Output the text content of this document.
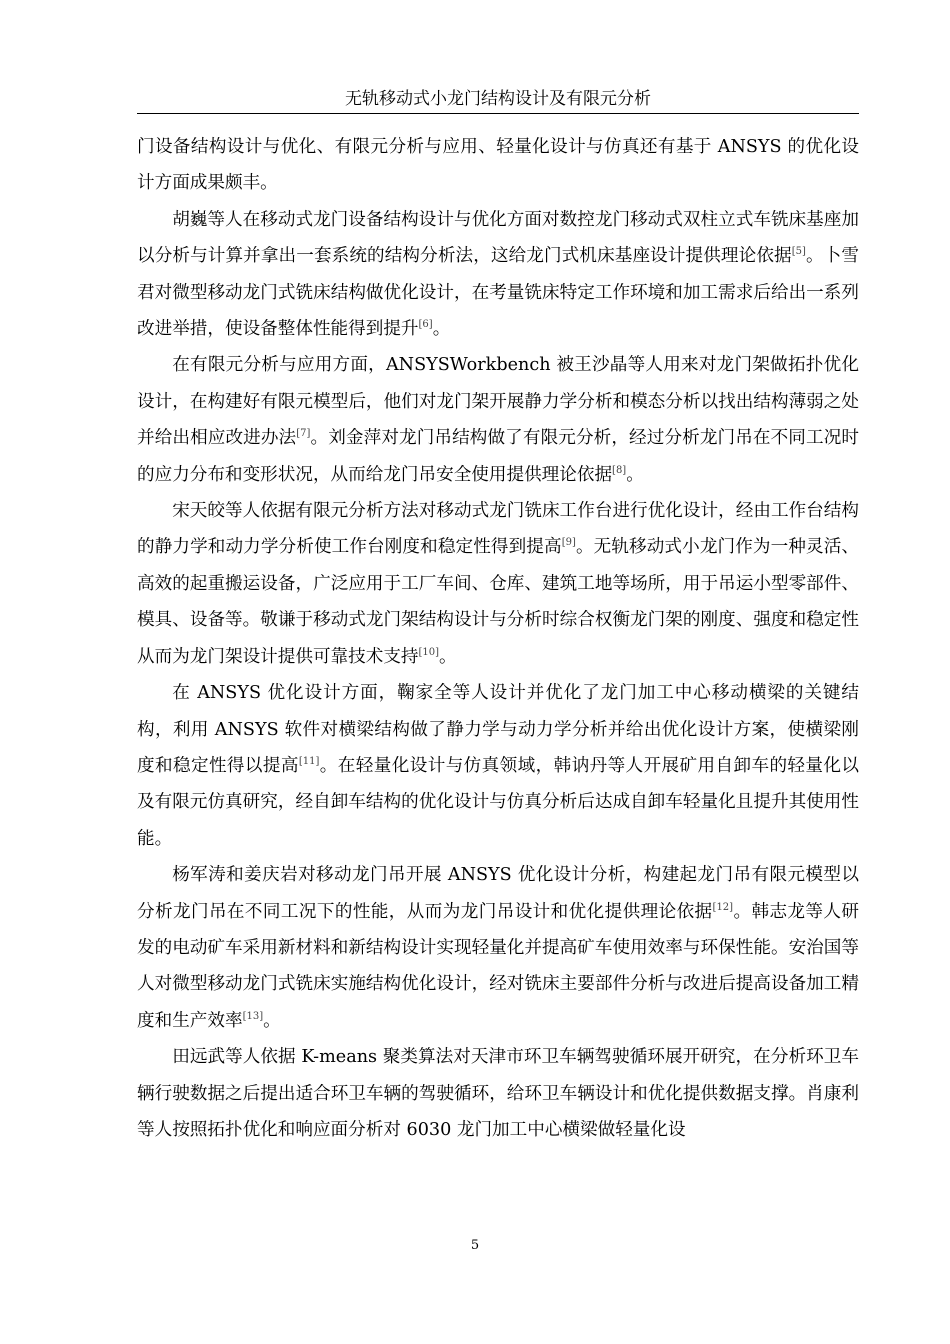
无轨移动式小龙门结构设计及有限元分析

门设备结构设计与优化、有限元分析与应用、轻量化设计与仿真还有基于 ANSYS 的优化设计方面成果颇丰。

胡巍等人在移动式龙门设备结构设计与优化方面对数控龙门移动式双柱立式车铣床基座加以分析与计算并拿出一套系统的结构分析法，这给龙门式机床基座设计提供理论依据[5]。卜雪君对微型移动龙门式铣床结构做优化设计，在考量铣床特定工作环境和加工需求后给出一系列改进举措，使设备整体性能得到提升[6]。

在有限元分析与应用方面，ANSYSWorkbench 被王沙晶等人用来对龙门架做拓扑优化设计，在构建好有限元模型后，他们对龙门架开展静力学分析和模态分析以找出结构薄弱之处并给出相应改进办法[7]。刘金萍对龙门吊结构做了有限元分析，经过分析龙门吊在不同工况时的应力分布和变形状况，从而给龙门吊安全使用提供理论依据[8]。

宋天皎等人依据有限元分析方法对移动式龙门铣床工作台进行优化设计，经由工作台结构的静力学和动力学分析使工作台刚度和稳定性得到提高[9]。无轨移动式小龙门作为一种灵活、高效的起重搬运设备，广泛应用于工厂车间、仓库、建筑工地等场所，用于吊运小型零部件、模具、设备等。敬谦于移动式龙门架结构设计与分析时综合权衡龙门架的刚度、强度和稳定性从而为龙门架设计提供可靠技术支持[10]。

在 ANSYS 优化设计方面，鞠家全等人设计并优化了龙门加工中心移动横梁的关键结构，利用 ANSYS 软件对横梁结构做了静力学与动力学分析并给出优化设计方案，使横梁刚度和稳定性得以提高[11]。在轻量化设计与仿真领域，韩讷丹等人开展矿用自卸车的轻量化以及有限元仿真研究，经自卸车结构的优化设计与仿真分析后达成自卸车轻量化且提升其使用性能。

杨军涛和姜庆岩对移动龙门吊开展 ANSYS 优化设计分析，构建起龙门吊有限元模型以分析龙门吊在不同工况下的性能，从而为龙门吊设计和优化提供理论依据[12]。韩志龙等人研发的电动矿车采用新材料和新结构设计实现轻量化并提高矿车使用效率与环保性能。安治国等人对微型移动龙门式铣床实施结构优化设计，经对铣床主要部件分析与改进后提高设备加工精度和生产效率[13]。

田远武等人依据 K-means 聚类算法对天津市环卫车辆驾驶循环展开研究，在分析环卫车辆行驶数据之后提出适合环卫车辆的驾驶循环，给环卫车辆设计和优化提供数据支撑。肖康利等人按照拓扑优化和响应面分析对 6030 龙门加工中心横梁做轻量化设

5
